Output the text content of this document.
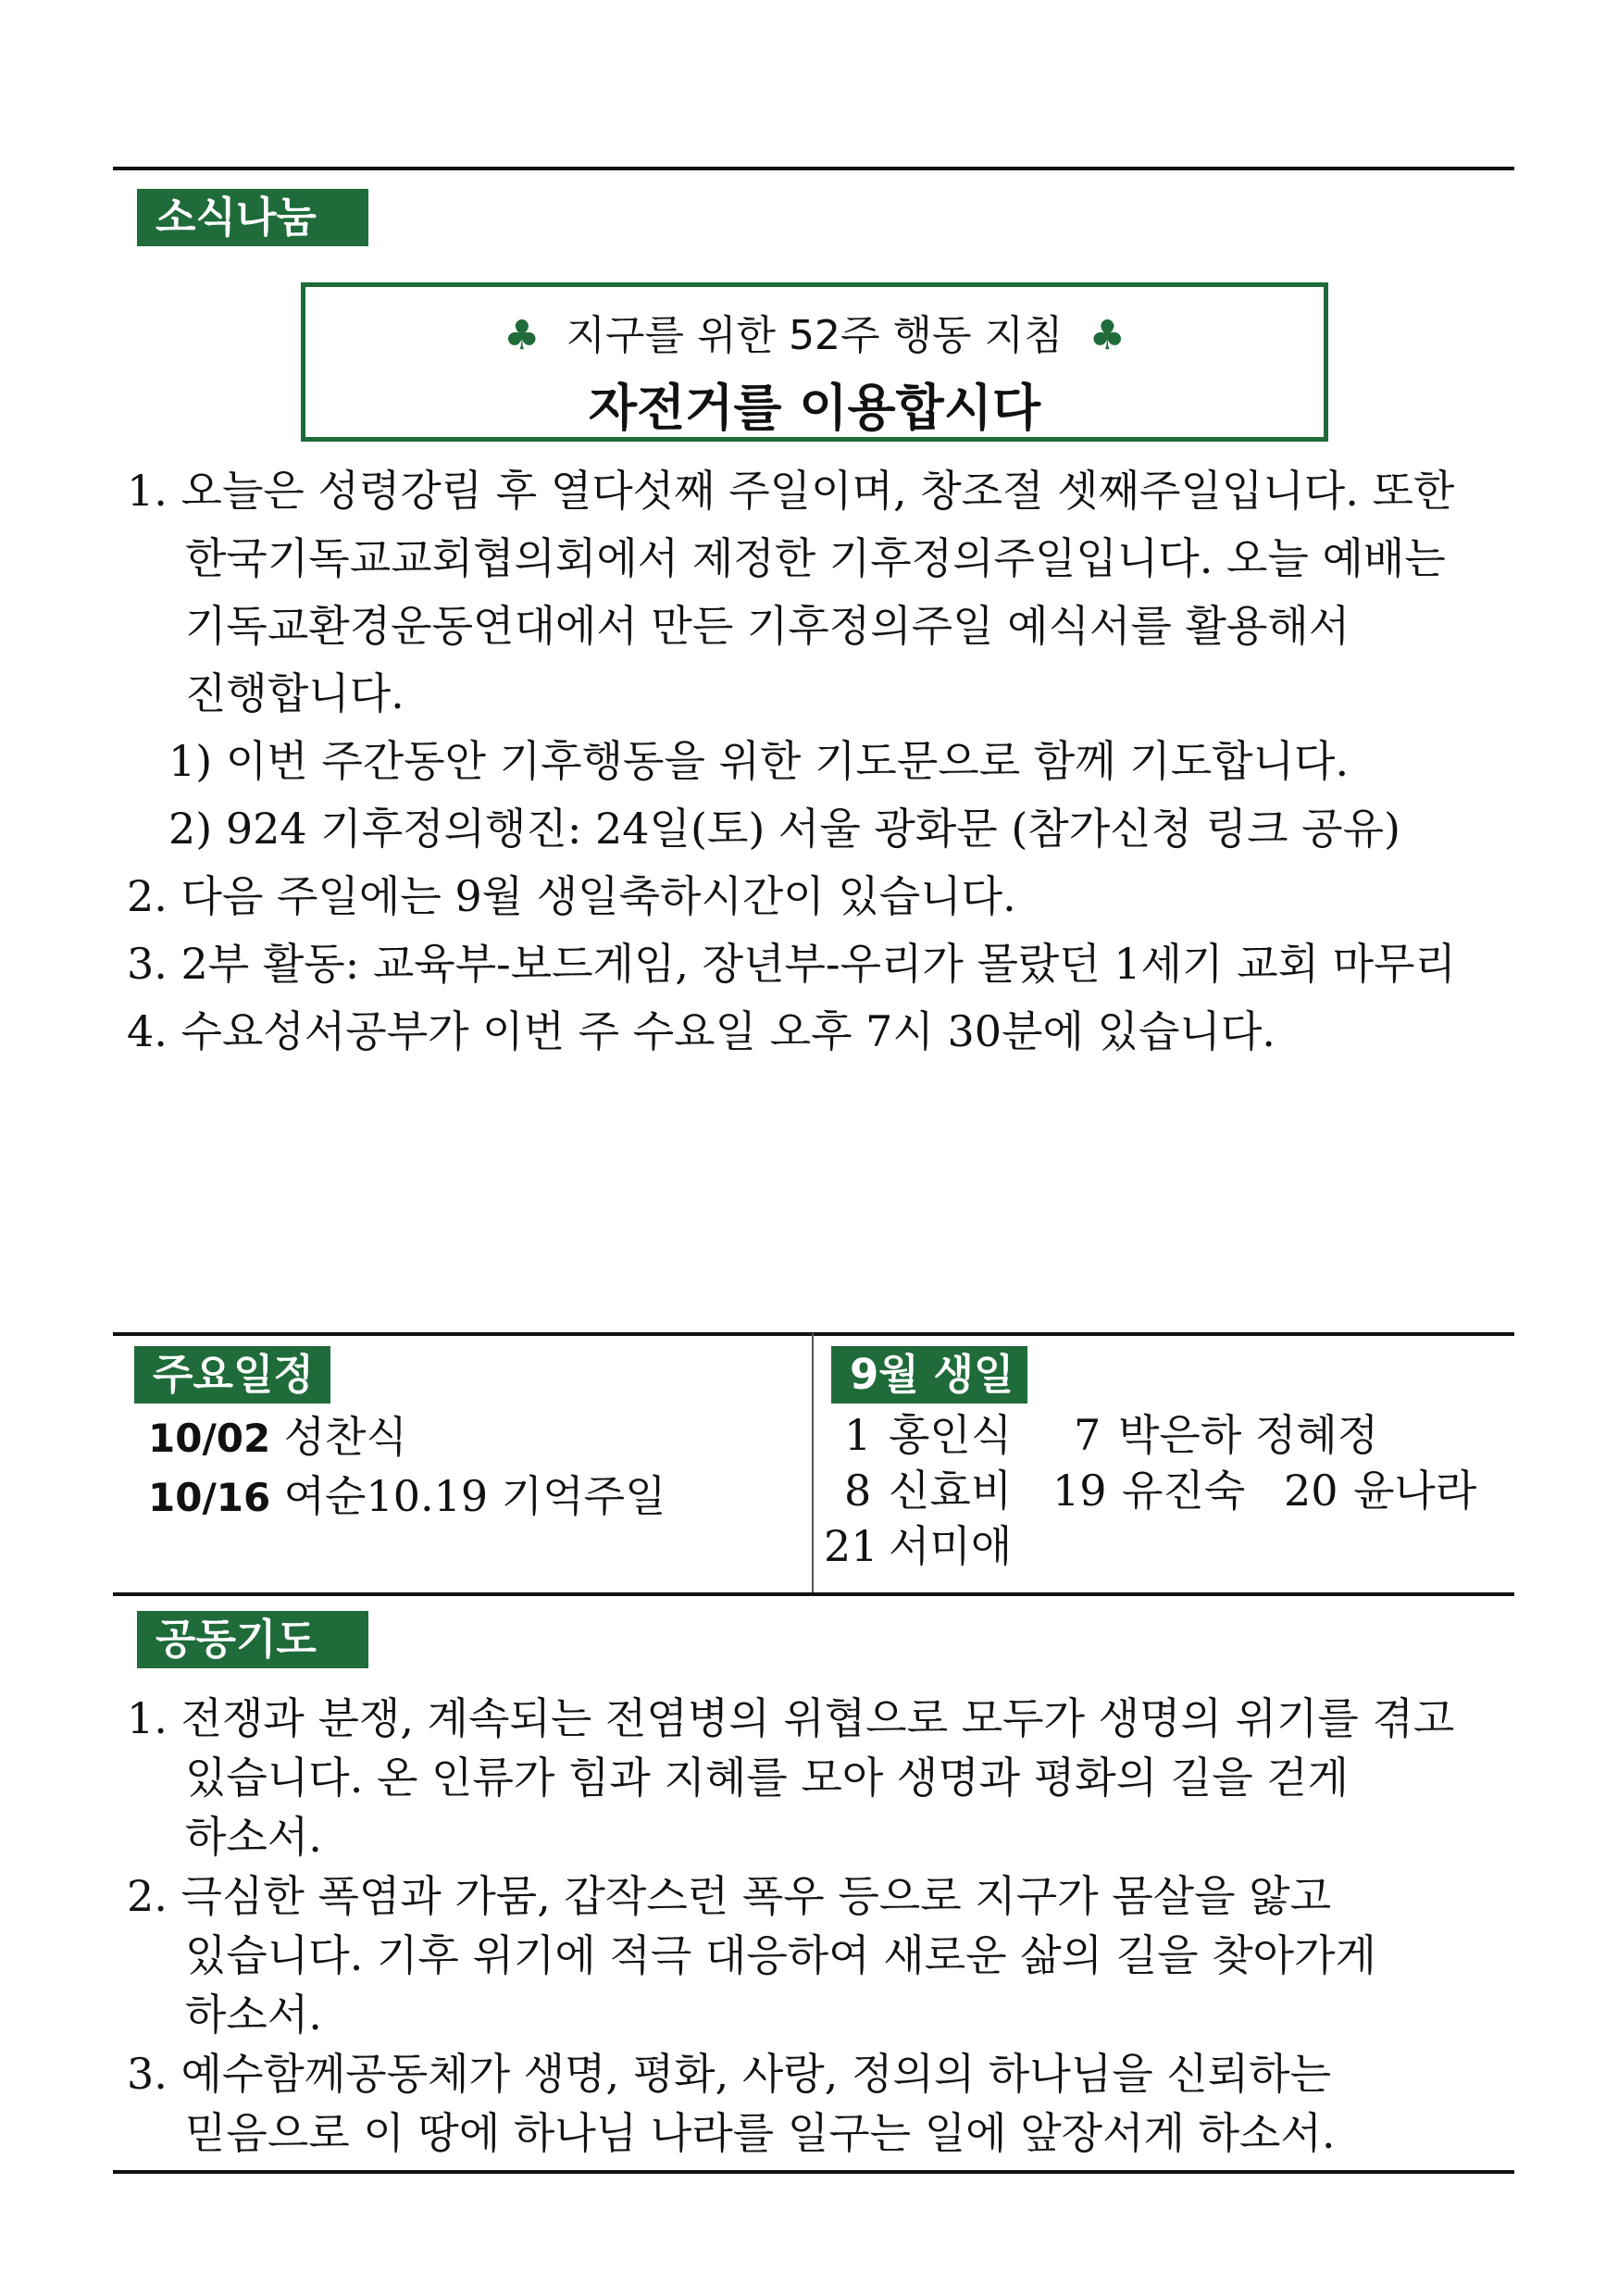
소식나눔
♣ 지구를 위한 52주 행동 지침 ♣
자전거를 이용합시다
1. 오늘은 성령강림 후 열다섯째 주일이며, 창조절 셋째주일입니다. 또한
한국기독교교회협의회에서 제정한 기후정의주일입니다. 오늘 예배는
기독교환경운동연대에서 만든 기후정의주일 예식서를 활용해서
진행합니다.
1) 이번 주간동안 기후행동을 위한 기도문으로 함께 기도합니다.
2) 924 기후정의행진: 24일(토) 서울 광화문 (참가신청 링크 공유)
2. 다음 주일에는 9월 생일축하시간이 있습니다.
3. 2부 활동: 교육부-보드게임, 장년부-우리가 몰랐던 1세기 교회 마무리
4. 수요성서공부가 이번 주 수요일 오후 7시 30분에 있습니다.
주요일정
10/02 성찬식
10/16 여순10.19 기억주일
9월 생일
1 홍인식 7 박은하 정혜정
8 신효비 19 유진숙 20 윤나라
21 서미애
공동기도
1. 전쟁과 분쟁, 계속되는 전염병의 위협으로 모두가 생명의 위기를 겪고
있습니다. 온 인류가 힘과 지혜를 모아 생명과 평화의 길을 걷게
하소서.
2. 극심한 폭염과 가뭄, 갑작스런 폭우 등으로 지구가 몸살을 앓고
있습니다. 기후 위기에 적극 대응하여 새로운 삶의 길을 찾아가게
하소서.
3. 예수함께공동체가 생명, 평화, 사랑, 정의의 하나님을 신뢰하는
믿음으로 이 땅에 하나님 나라를 일구는 일에 앞장서게 하소서.
